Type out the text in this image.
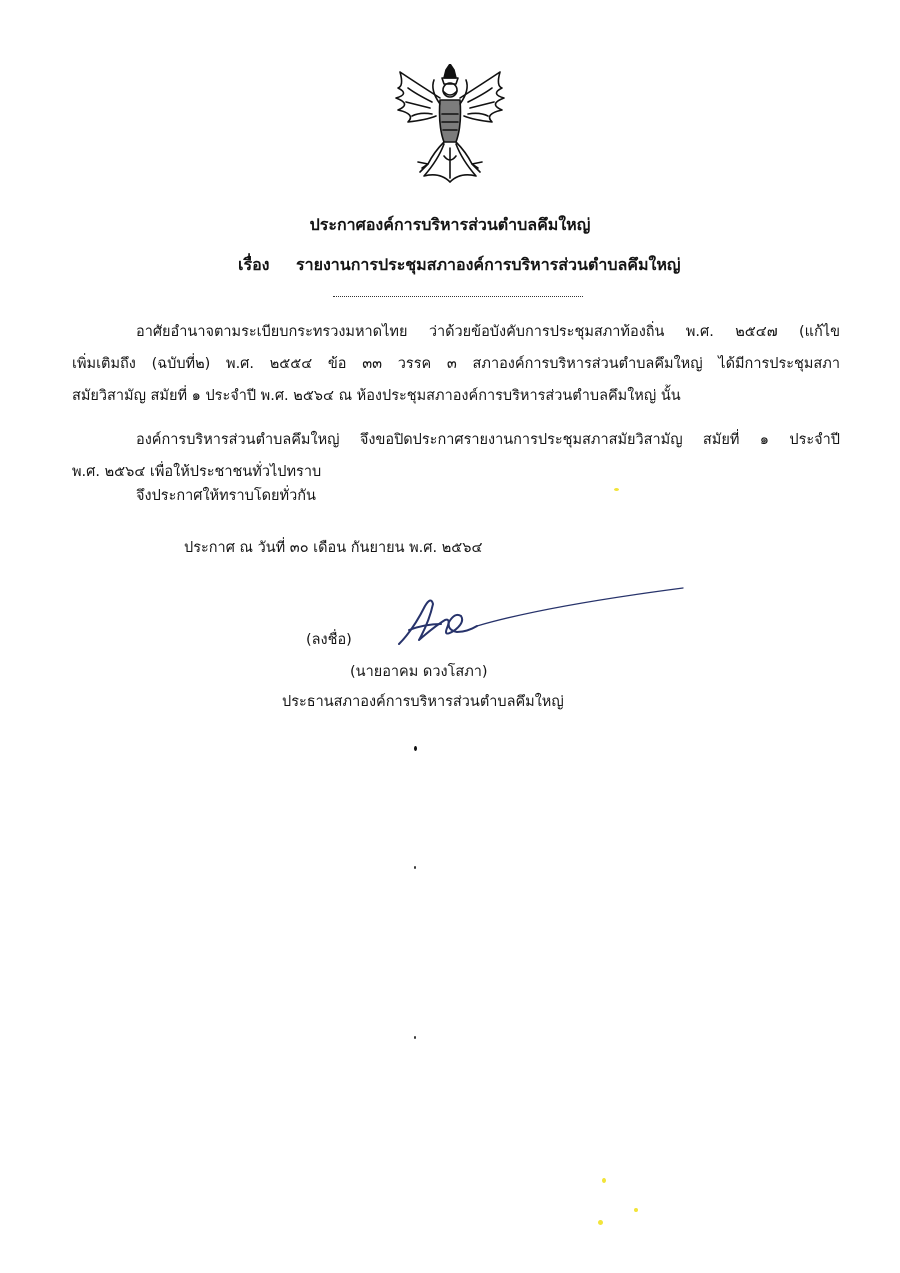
ประกาศองค์การบริหารส่วนตำบลคึมใหญ่
เรื่อง รายงานการประชุมสภาองค์การบริหารส่วนตำบลคึมใหญ่
อาศัยอำนาจตามระเบียบกระทรวงมหาดไทย ว่าด้วยข้อบังคับการประชุมสภาท้องถิ่น พ.ศ. ๒๕๔๗ (แก้ไข
เพิ่มเติมถึง (ฉบับที่๒) พ.ศ. ๒๕๕๔ ข้อ ๓๓ วรรค ๓ สภาองค์การบริหารส่วนตำบลคึมใหญ่ ได้มีการประชุมสภา
สมัยวิสามัญ สมัยที่ ๑ ประจำปี พ.ศ. ๒๕๖๔ ณ ห้องประชุมสภาองค์การบริหารส่วนตำบลคึมใหญ่ นั้น
องค์การบริหารส่วนตำบลคึมใหญ่ จึงขอปิดประกาศรายงานการประชุมสภาสมัยวิสามัญ สมัยที่ ๑ ประจำปี
พ.ศ. ๒๕๖๔ เพื่อให้ประชาชนทั่วไปทราบ
จึงประกาศให้ทราบโดยทั่วกัน
ประกาศ ณ วันที่ ๓๐ เดือน กันยายน พ.ศ. ๒๕๖๔
(ลงชื่อ)
(นายอาคม ดวงโสภา)
ประธานสภาองค์การบริหารส่วนตำบลคึมใหญ่
